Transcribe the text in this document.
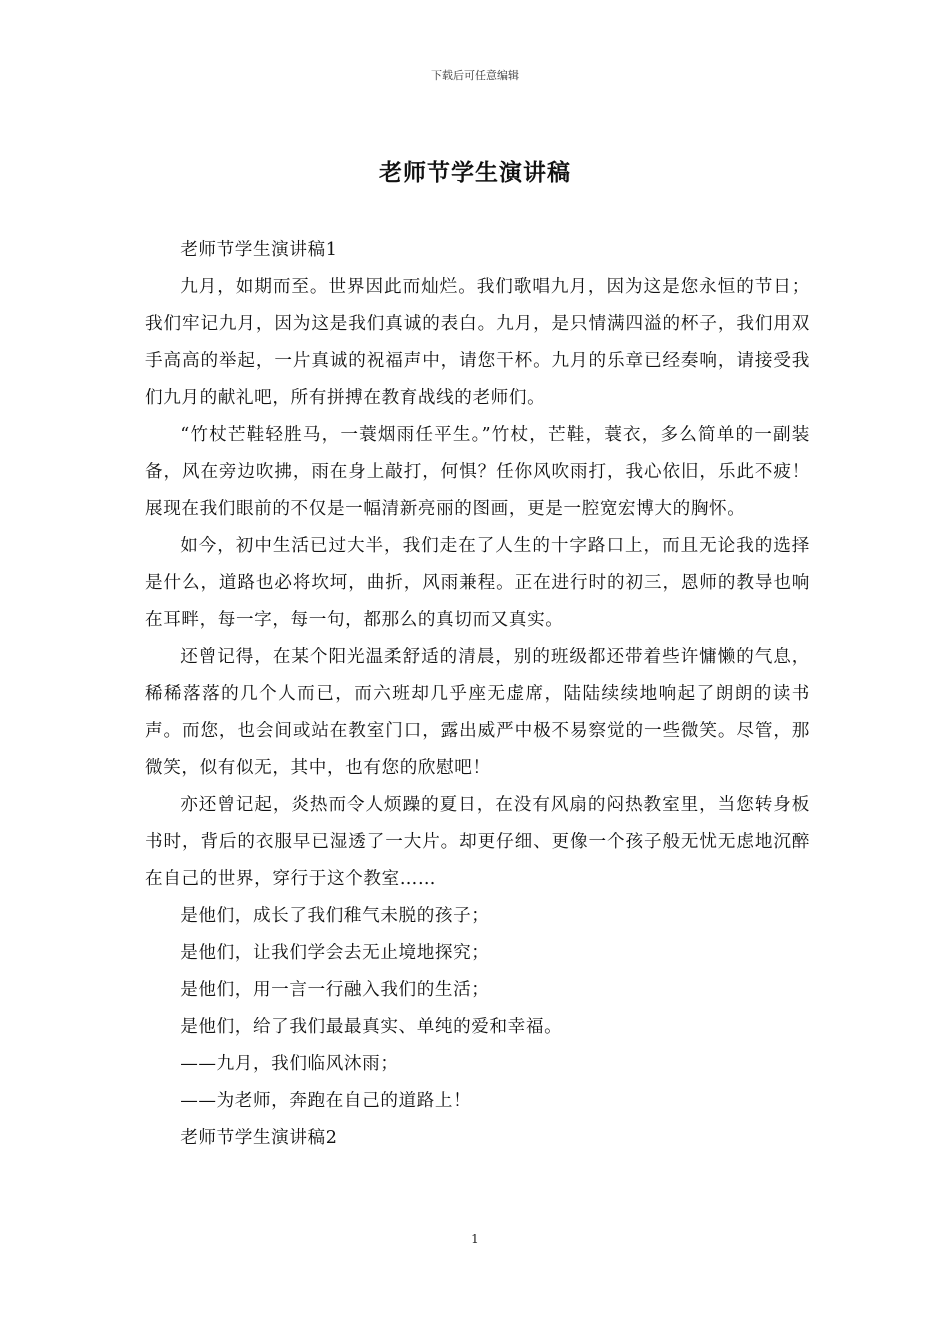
下载后可任意编辑
老师节学生演讲稿

老师节学生演讲稿1

九月，如期而至。世界因此而灿烂。我们歌唱九月，因为这是您永恒的节日；我们牢记九月，因为这是我们真诚的表白。九月，是只情满四溢的杯子，我们用双手高高的举起，一片真诚的祝福声中，请您干杯。九月的乐章已经奏响，请接受我们九月的献礼吧，所有拼搏在教育战线的老师们。

“竹杖芒鞋轻胜马，一蓑烟雨任平生。”竹杖，芒鞋，蓑衣，多么简单的一副装备，风在旁边吹拂，雨在身上敲打，何惧？任你风吹雨打，我心依旧，乐此不疲！展现在我们眼前的不仅是一幅清新亮丽的图画，更是一腔宽宏博大的胸怀。

如今，初中生活已过大半，我们走在了人生的十字路口上，而且无论我的选择是什么，道路也必将坎坷，曲折，风雨兼程。正在进行时的初三，恩师的教导也响在耳畔，每一字，每一句，都那么的真切而又真实。

还曾记得，在某个阳光温柔舒适的清晨，别的班级都还带着些许慵懒的气息，稀稀落落的几个人而已，而六班却几乎座无虚席，陆陆续续地响起了朗朗的读书声。而您，也会间或站在教室门口，露出威严中极不易察觉的一些微笑。尽管，那微笑，似有似无，其中，也有您的欣慰吧！

亦还曾记起，炎热而令人烦躁的夏日，在没有风扇的闷热教室里，当您转身板书时，背后的衣服早已湿透了一大片。却更仔细、更像一个孩子般无忧无虑地沉醉在自己的世界，穿行于这个教室……

是他们，成长了我们稚气未脱的孩子；

是他们，让我们学会去无止境地探究；

是他们，用一言一行融入我们的生活；

是他们，给了我们最最真实、单纯的爱和幸福。

——九月，我们临风沐雨；

——为老师，奔跑在自己的道路上！

老师节学生演讲稿2

1
